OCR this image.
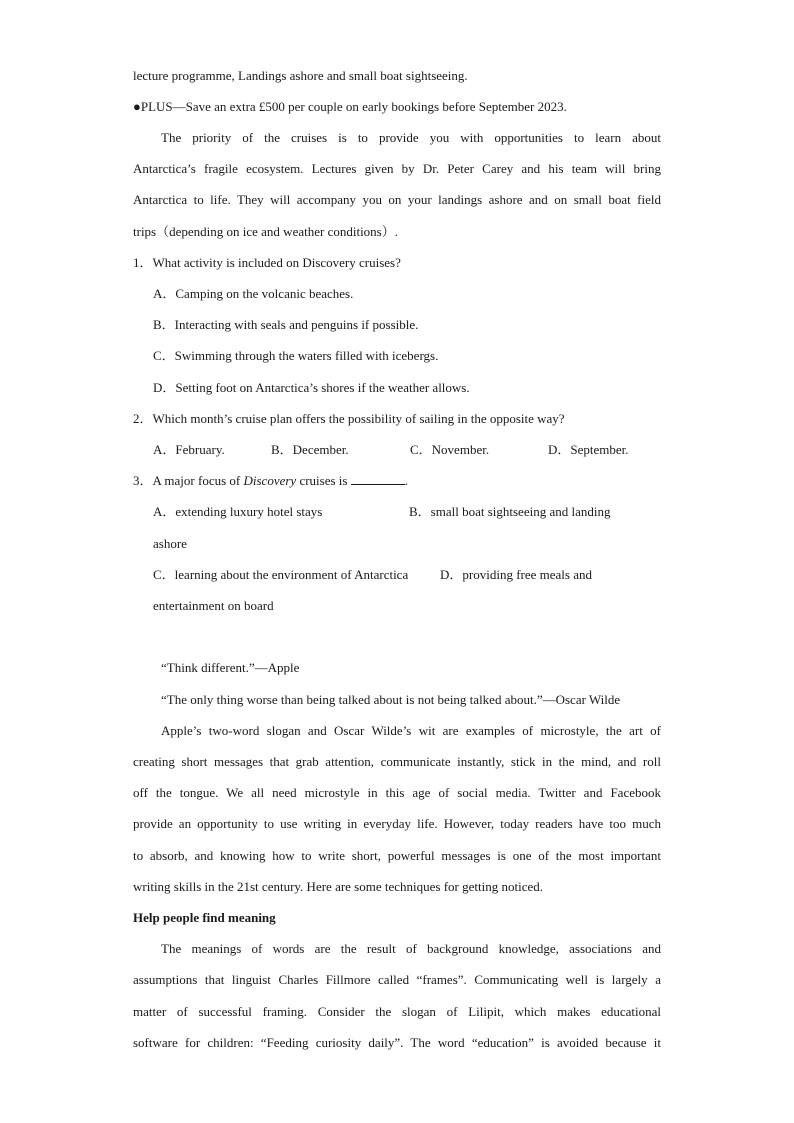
lecture programme, Landings ashore and small boat sightseeing.
●PLUS—Save an extra £500 per couple on early bookings before September 2023.
The priority of the cruises is to provide you with opportunities to learn about
Antarctica’s fragile ecosystem. Lectures given by Dr. Peter Carey and his team will bring
Antarctica to life. They will accompany you on your landings ashore and on small boat field
trips（depending on ice and weather conditions）.
1．What activity is included on Discovery cruises?
A．Camping on the volcanic beaches.
B．Interacting with seals and penguins if possible.
C．Swimming through the waters filled with icebergs.
D．Setting foot on Antarctica’s shores if the weather allows.
2．Which month’s cruise plan offers the possibility of sailing in the opposite way?
A．February.	B．December.	C．November.	D．September.
3．A major focus of Discovery cruises is	.
A．extending luxury hotel stays	B．small boat sightseeing and landing
ashore
C．learning about the environment of Antarctica D．providing free meals and
entertainment on board
“Think different.”—Apple
“The only thing worse than being talked about is not being talked about.”—Oscar Wilde
Apple’s two-word slogan and Oscar Wilde’s wit are examples of microstyle, the art of
creating short messages that grab attention, communicate instantly, stick in the mind, and roll
off the tongue. We all need microstyle in this age of social media. Twitter and Facebook
provide an opportunity to use writing in everyday life. However, today readers have too much
to absorb, and knowing how to write short, powerful messages is one of the most important
writing skills in the 21st century. Here are some techniques for getting noticed.
Help people find meaning
The meanings of words are the result of background knowledge, associations and
assumptions that linguist Charles Fillmore called “frames”. Communicating well is largely a
matter of successful framing. Consider the slogan of Lilipit, which makes educational
software for children: “Feeding curiosity daily”. The word “education” is avoided because it
